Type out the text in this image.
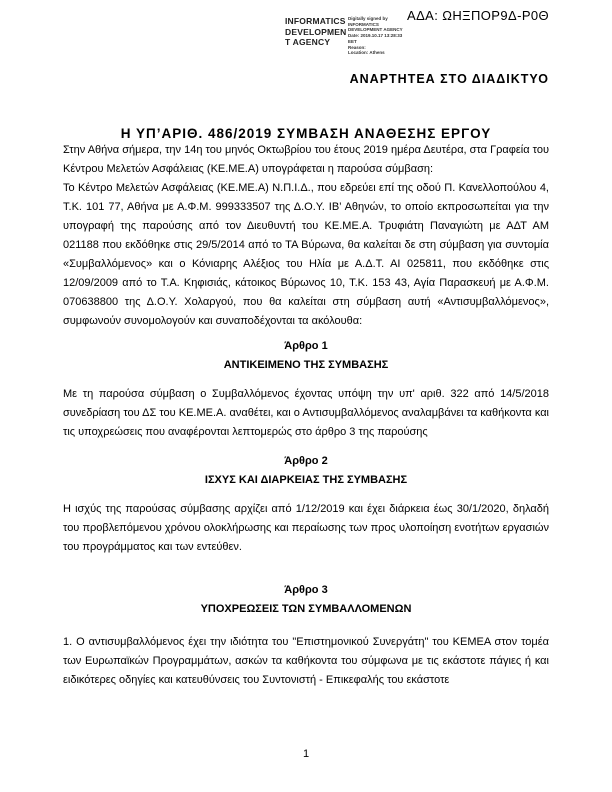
ΑΔΑ: ΩΗΞΠΟΡ9Δ-Ρ0Θ
INFORMATICS
DEVELOPMEN
T AGENCY
Digitally signed by
INFORMATICS
DEVELOPMENT AGENCY
Date: 2019.10.17 13:28:33
EET
Reason:
Location: Athens
ΑΝΑΡΤΗΤΕΑ ΣΤΟ ΔΙΑΔΙΚΤΥΟ
Η ΥΠ’ΑΡΙΘ. 486/2019 ΣΥΜΒΑΣΗ ΑΝΑΘΕΣΗΣ ΕΡΓΟΥ

Στην Αθήνα σήμερα, την 14η του μηνός Οκτωβρίου του έτους 2019 ημέρα Δευτέρα, στα Γραφεία του Κέντρου Μελετών Ασφάλειας (ΚΕ.ΜΕ.Α) υπογράφεται η παρούσα σύμβαση:

Το Κέντρο Μελετών Ασφάλειας (ΚΕ.ΜΕ.Α) Ν.Π.Ι.Δ., που εδρεύει επί της οδού Π. Κανελλοπούλου 4, Τ.Κ. 101 77, Αθήνα με Α.Φ.Μ. 999333507 της Δ.Ο.Υ. ΙΒ’ Αθηνών, το οποίο εκπροσωπείται για την υπογραφή της παρούσης από τον Διευθυντή του ΚΕ.ΜΕ.Α. Τρυφιάτη Παναγιώτη με ΑΔΤ ΑΜ 021188 που εκδόθηκε στις 29/5/2014 από το ΤΑ Βύρωνα, θα καλείται δε στη σύμβαση για συντομία «Συμβαλλόμενος» και ο Κόνιαρης Αλέξιος του Ηλία με Α.Δ.Τ. ΑΙ 025811, που εκδόθηκε στις 12/09/2009 από το Τ.Α. Κηφισιάς, κάτοικος Βύρωνος 10, Τ.Κ. 153 43, Αγία Παρασκευή με Α.Φ.Μ. 070638800 της Δ.Ο.Υ. Χολαργού, που θα καλείται στη σύμβαση αυτή «Αντισυμβαλλόμενος», συμφωνούν συνομολογούν και συναποδέχονται τα ακόλουθα:

Άρθρο 1
ΑΝΤΙΚΕΙΜΕΝΟ ΤΗΣ ΣΥΜΒΑΣΗΣ

Με τη παρούσα σύμβαση ο Συμβαλλόμενος έχοντας υπόψη την υπ' αριθ. 322 από 14/5/2018 συνεδρίαση του ΔΣ του ΚΕ.ΜΕ.Α. αναθέτει, και ο Αντισυμβαλλόμενος αναλαμβάνει τα καθήκοντα και τις υποχρεώσεις που αναφέρονται λεπτομερώς στο άρθρο 3 της παρούσης

Άρθρο 2
ΙΣΧΥΣ ΚΑΙ ΔΙΑΡΚΕΙΑΣ ΤΗΣ ΣΥΜΒΑΣΗΣ

Η ισχύς της παρούσας σύμβασης αρχίζει από 1/12/2019 και έχει διάρκεια έως 30/1/2020, δηλαδή του προβλεπόμενου χρόνου ολοκλήρωσης και περαίωσης των προς υλοποίηση ενοτήτων εργασιών του προγράμματος και των εντεύθεν.

Άρθρο 3
ΥΠΟΧΡΕΩΣΕΙΣ ΤΩΝ ΣΥΜΒΑΛΛΟΜΕΝΩΝ

1. Ο αντισυμβαλλόμενος έχει την ιδιότητα του "Επιστημονικού Συνεργάτη" του ΚΕΜΕΑ στον τομέα των Ευρωπαϊκών Προγραμμάτων, ασκών τα καθήκοντα του σύμφωνα με τις εκάστοτε πάγιες ή και ειδικότερες οδηγίες και κατευθύνσεις του Συντονιστή - Επικεφαλής του εκάστοτε

1
